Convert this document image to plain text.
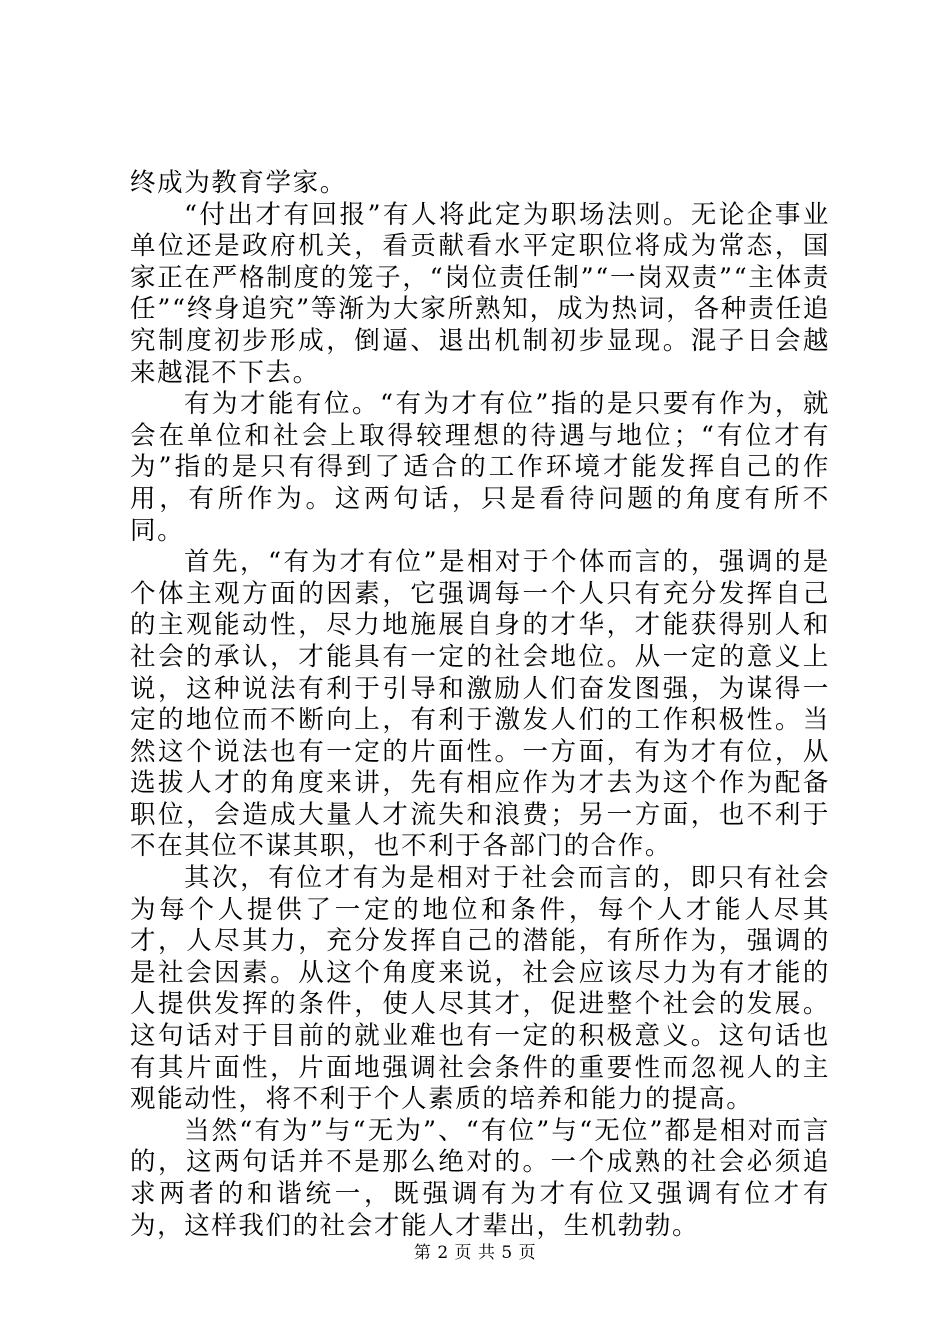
终成为教育学家。

“付出才有回报”有人将此定为职场法则。无论企事业单位还是政府机关，看贡献看水平定职位将成为常态，国家正在严格制度的笼子，“岗位责任制”“一岗双责”“主体责任”“终身追究”等渐为大家所熟知，成为热词，各种责任追究制度初步形成，倒逼、退出机制初步显现。混子日会越来越混不下去。

有为才能有位。“有为才有位”指的是只要有作为，就会在单位和社会上取得较理想的待遇与地位；“有位才有为”指的是只有得到了适合的工作环境才能发挥自己的作用，有所作为。这两句话，只是看待问题的角度有所不同。

首先，“有为才有位”是相对于个体而言的，强调的是个体主观方面的因素，它强调每一个人只有充分发挥自己的主观能动性，尽力地施展自身的才华，才能获得别人和社会的承认，才能具有一定的社会地位。从一定的意义上说，这种说法有利于引导和激励人们奋发图强，为谋得一定的地位而不断向上，有利于激发人们的工作积极性。当然这个说法也有一定的片面性。一方面，有为才有位，从选拔人才的角度来讲，先有相应作为才去为这个作为配备职位，会造成大量人才流失和浪费；另一方面，也不利于不在其位不谋其职，也不利于各部门的合作。

其次，有位才有为是相对于社会而言的，即只有社会为每个人提供了一定的地位和条件，每个人才能人尽其才，人尽其力，充分发挥自己的潜能，有所作为，强调的是社会因素。从这个角度来说，社会应该尽力为有才能的人提供发挥的条件，使人尽其才，促进整个社会的发展。这句话对于目前的就业难也有一定的积极意义。这句话也有其片面性，片面地强调社会条件的重要性而忽视人的主观能动性，将不利于个人素质的培养和能力的提高。

当然“有为”与“无为”、“有位”与“无位”都是相对而言的，这两句话并不是那么绝对的。一个成熟的社会必须追求两者的和谐统一，既强调有为才有位又强调有位才有为，这样我们的社会才能人才辈出，生机勃勃。

第 2 页 共 5 页
